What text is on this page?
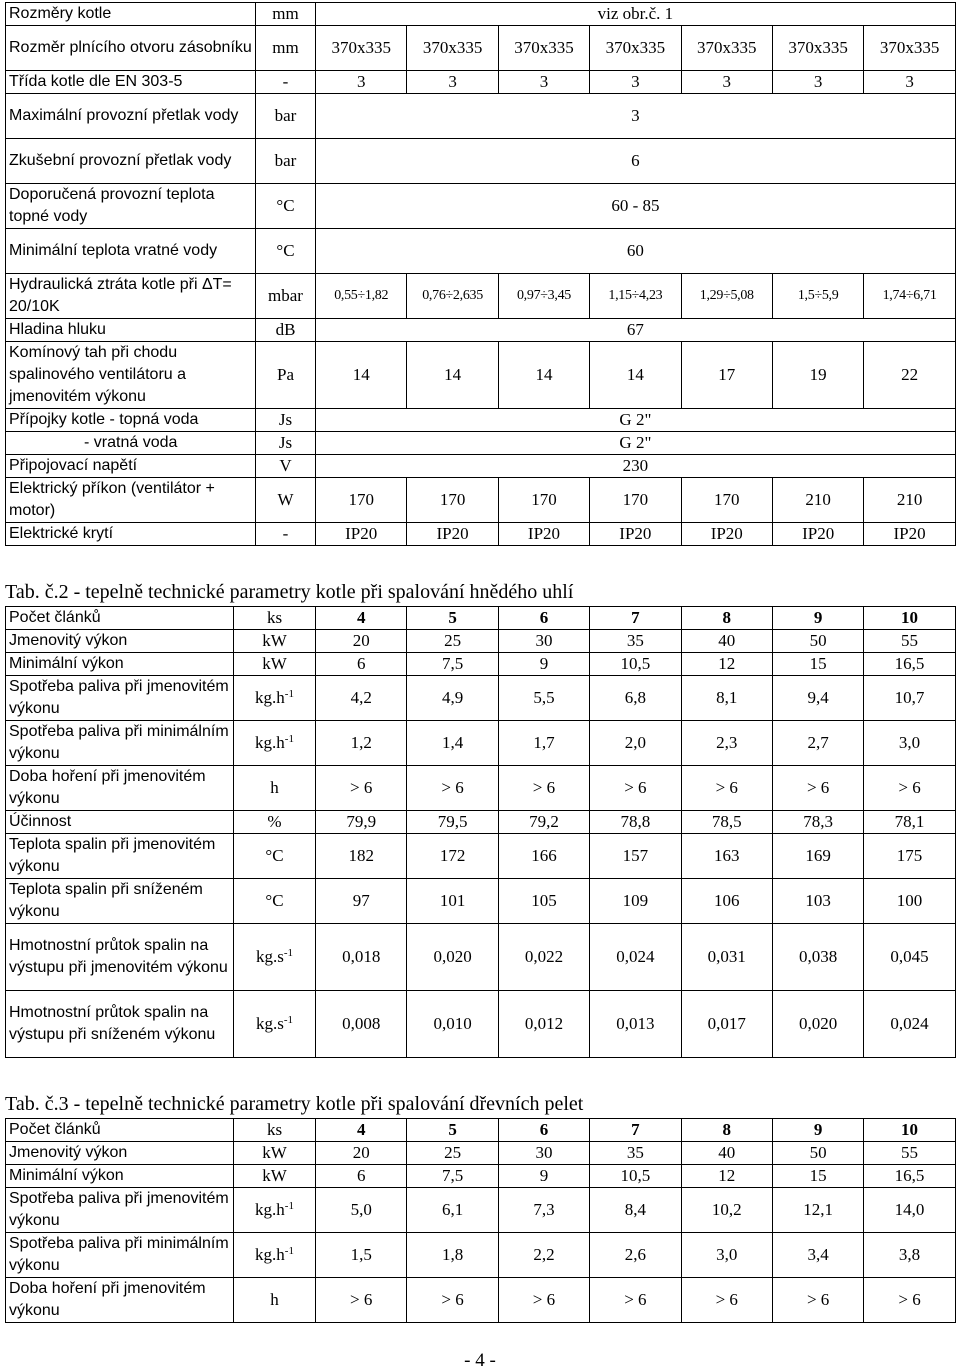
Rozměry kotle	mm	viz obr.č. 1						
Rozměr plnícího otvoru zásobníku	mm	370x335	370x335	370x335	370x335	370x335	370x335	370x335
Třída kotle dle EN 303-5	-	3	3	3	3	3	3	3
Maximální provozní přetlak vody	bar	3						
Zkušební provozní přetlak vody	bar	6						
Doporučená provozní teplota topné vody	°C	60 - 85						
Minimální teplota vratné vody	°C	60						
Hydraulická ztráta kotle při ΔT= 20/10K	mbar	0,55÷1,82	0,76÷2,635	0,97÷3,45	1,15÷4,23	1,29÷5,08	1,5÷5,9	1,74÷6,71
Hladina hluku	dB	67						
Komínový tah při chodu spalinového ventilátoru a jmenovitém výkonu	Pa	14	14	14	14	17	19	22
Přípojky kotle - topná voda	Js	G 2"						
- vratná voda	Js	G 2"						
Připojovací napětí	V	230						
Elektrický příkon (ventilátor + motor)	W	170	170	170	170	170	210	210
Elektrické krytí	-	IP20	IP20	IP20	IP20	IP20	IP20	IP20
Tab. č.2 - tepelně technické parametry kotle při spalování hnědého uhlí
Počet článků	ks	4	5	6	7	8	9	10
Jmenovitý výkon	kW	20	25	30	35	40	50	55
Minimální výkon	kW	6	7,5	9	10,5	12	15	16,5
Spotřeba paliva při jmenovitém výkonu	$kg.h^{-1}$	4,2	4,9	5,5	6,8	8,1	9,4	10,7
Spotřeba paliva při minimálním výkonu	$kg.h^{-1}$	1,2	1,4	1,7	2,0	2,3	2,7	3,0
Doba hoření při jmenovitém výkonu	h	> 6	> 6	> 6	> 6	> 6	> 6	> 6
Účinnost	%	79,9	79,5	79,2	78,8	78,5	78,3	78,1
Teplota spalin při jmenovitém výkonu	°C	182	172	166	157	163	169	175
Teplota spalin při sníženém výkonu	°C	97	101	105	109	106	103	100
Hmotnostní průtok spalin na výstupu při jmenovitém výkonu	$kg.s^{-1}$	0,018	0,020	0,022	0,024	0,031	0,038	0,045
Hmotnostní průtok spalin na výstupu při sníženém výkonu	$kg.s^{-1}$	0,008	0,010	0,012	0,013	0,017	0,020	0,024
Tab. č.3 - tepelně technické parametry kotle při spalování dřevních pelet
Počet článků	ks	4	5	6	7	8	9	10
Jmenovitý výkon	kW	20	25	30	35	40	50	55
Minimální výkon	kW	6	7,5	9	10,5	12	15	16,5
Spotřeba paliva při jmenovitém výkonu	$kg.h^{-1}$	5,0	6,1	7,3	8,4	10,2	12,1	14,0
Spotřeba paliva při minimálním výkonu	$kg.h^{-1}$	1,5	1,8	2,2	2,6	3,0	3,4	3,8
Doba hoření při jmenovitém výkonu	h	> 6	> 6	> 6	> 6	> 6	> 6	> 6
- 4 -
